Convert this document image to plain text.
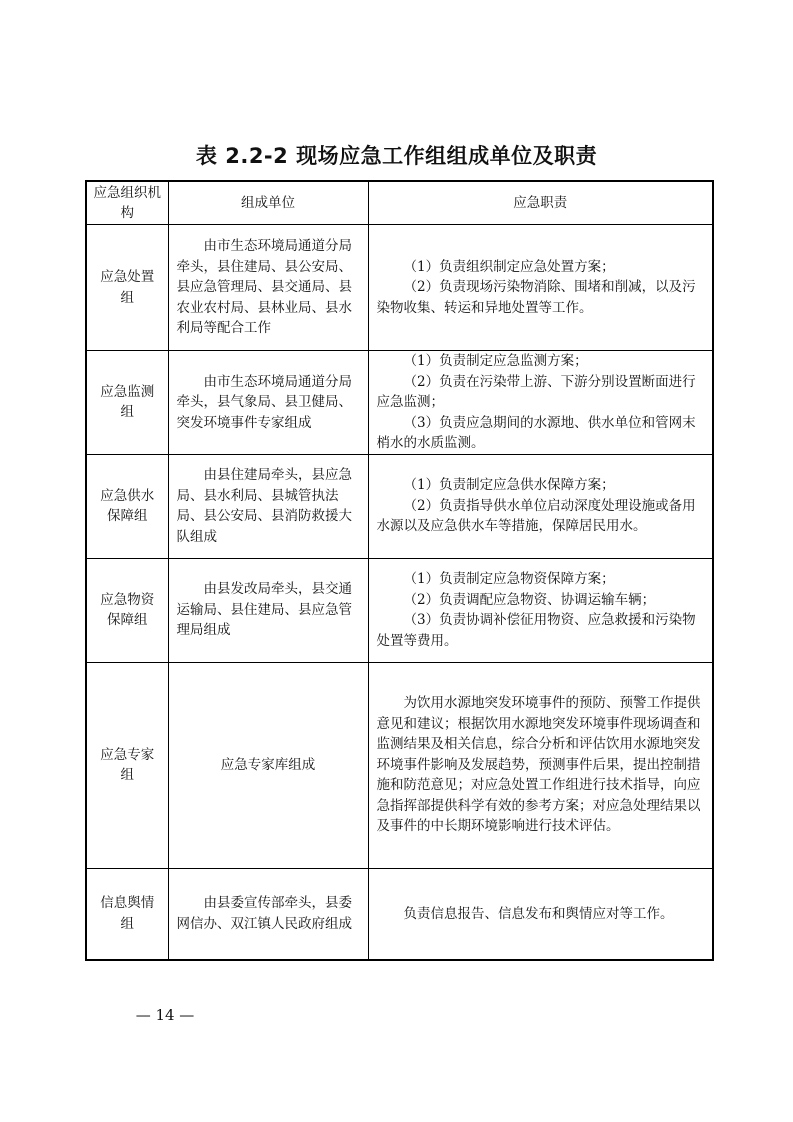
表 2.2-2 现场应急工作组组成单位及职责
应急组织机构	组成单位	应急职责
应急处置组	由市生态环境局通道分局牵头，县住建局、县公安局、县应急管理局、县交通局、县农业农村局、县林业局、县水利局等配合工作	（1）负责组织制定应急处置方案；

（2）负责现场污染物消除、围堵和削减，以及污染物收集、转运和异地处置等工作。

应急监测组	由市生态环境局通道分局牵头，县气象局、县卫健局、突发环境事件专家组成	（1）负责制定应急监测方案；

（2）负责在污染带上游、下游分别设置断面进行应急监测；

（3）负责应急期间的水源地、供水单位和管网末梢水的水质监测。

应急供水保障组	由县住建局牵头，县应急局、县水利局、县城管执法局、县公安局、县消防救援大队组成	（1）负责制定应急供水保障方案；

（2）负责指导供水单位启动深度处理设施或备用水源以及应急供水车等措施，保障居民用水。

应急物资保障组	由县发改局牵头，县交通运输局、县住建局、县应急管理局组成	（1）负责制定应急物资保障方案；

（2）负责调配应急物资、协调运输车辆；

（3）负责协调补偿征用物资、应急救援和污染物处置等费用。

应急专家组	应急专家库组成	为饮用水源地突发环境事件的预防、预警工作提供意见和建议；根据饮用水源地突发环境事件现场调查和监测结果及相关信息，综合分析和评估饮用水源地突发环境事件影响及发展趋势，预测事件后果，提出控制措施和防范意见；对应急处置工作组进行技术指导，向应急指挥部提供科学有效的参考方案；对应急处理结果以及事件的中长期环境影响进行技术评估。

信息舆情组	由县委宣传部牵头，县委网信办、双江镇人民政府组成	负责信息报告、信息发布和舆情应对等工作。

— 14 —
